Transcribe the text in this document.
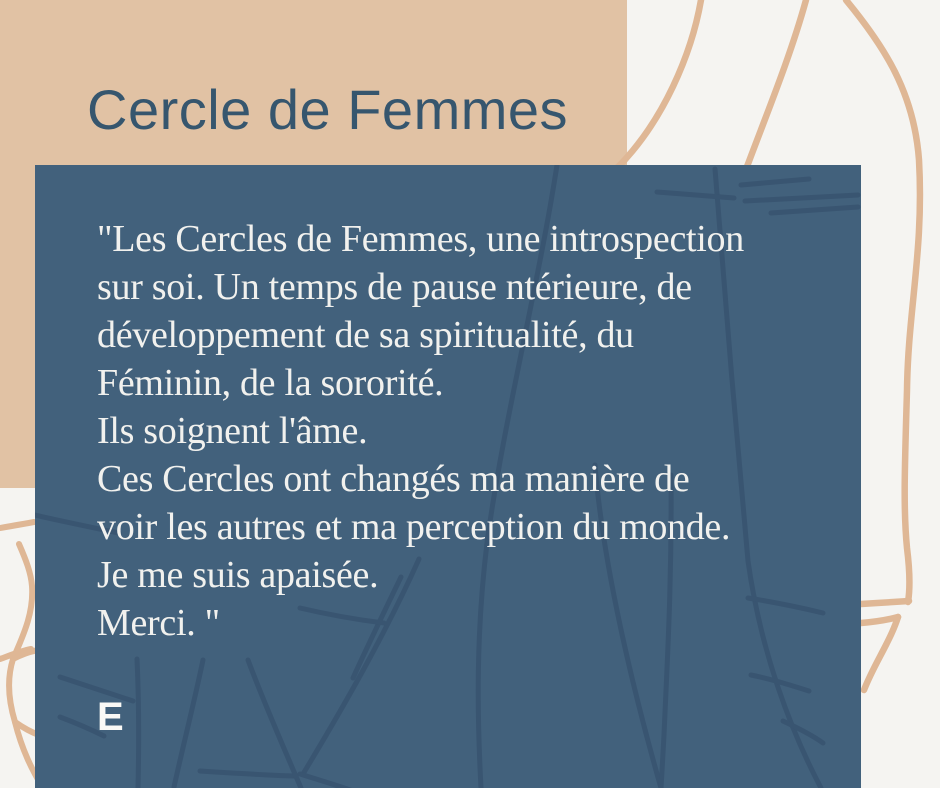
Cercle de Femmes
"Les Cercles de Femmes, une introspection
sur soi. Un temps de pause ntérieure, de
développement de sa spiritualité, du
Féminin, de la sororité.
Ils soignent l'âme.
Ces Cercles ont changés ma manière de
voir les autres et ma perception du monde.
Je me suis apaisée.
Merci. "
E
